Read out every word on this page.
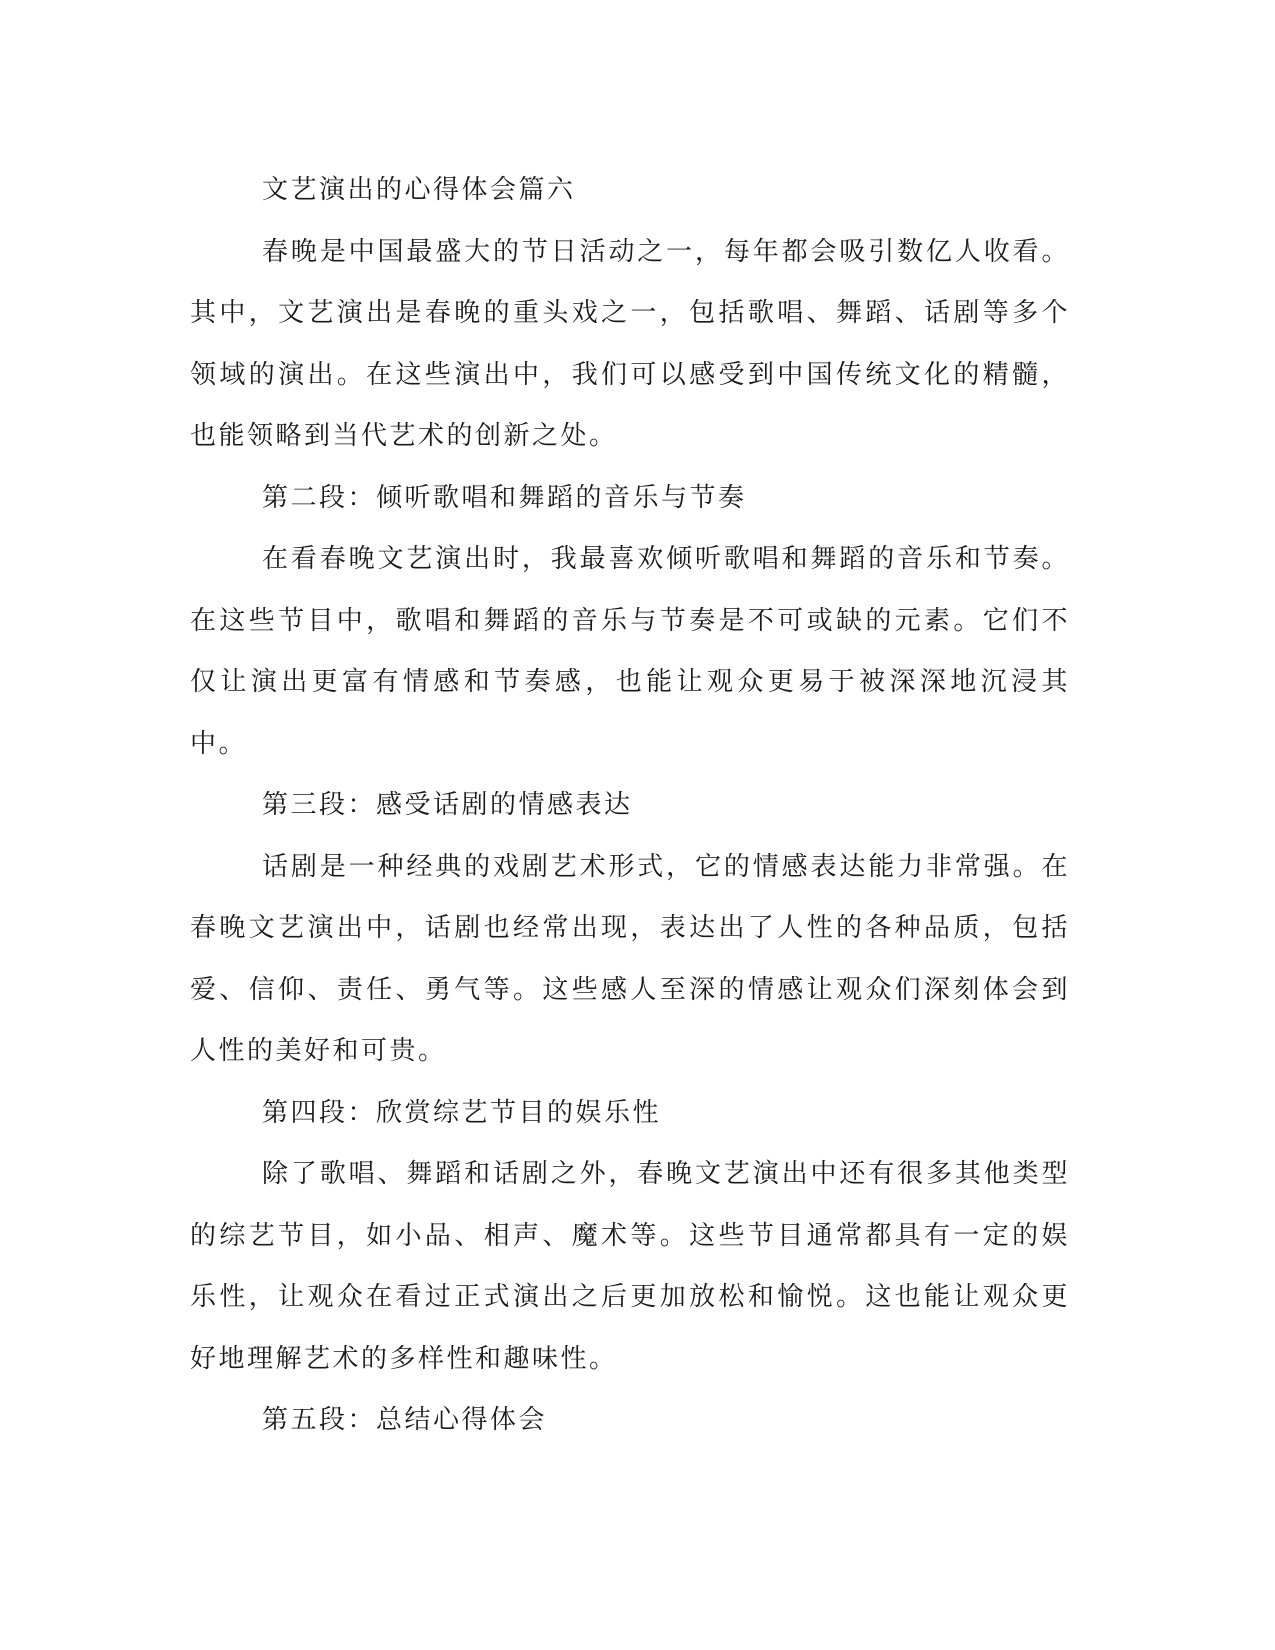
文艺演出的心得体会篇六

春晚是中国最盛大的节日活动之一，每年都会吸引数亿人收看。其中，文艺演出是春晚的重头戏之一，包括歌唱、舞蹈、话剧等多个领域的演出。在这些演出中，我们可以感受到中国传统文化的精髓，也能领略到当代艺术的创新之处。

第二段：倾听歌唱和舞蹈的音乐与节奏

在看春晚文艺演出时，我最喜欢倾听歌唱和舞蹈的音乐和节奏。在这些节目中，歌唱和舞蹈的音乐与节奏是不可或缺的元素。它们不仅让演出更富有情感和节奏感，也能让观众更易于被深深地沉浸其中。

第三段：感受话剧的情感表达

话剧是一种经典的戏剧艺术形式，它的情感表达能力非常强。在春晚文艺演出中，话剧也经常出现，表达出了人性的各种品质，包括爱、信仰、责任、勇气等。这些感人至深的情感让观众们深刻体会到人性的美好和可贵。

第四段：欣赏综艺节目的娱乐性

除了歌唱、舞蹈和话剧之外，春晚文艺演出中还有很多其他类型的综艺节目，如小品、相声、魔术等。这些节目通常都具有一定的娱乐性，让观众在看过正式演出之后更加放松和愉悦。这也能让观众更好地理解艺术的多样性和趣味性。

第五段：总结心得体会
